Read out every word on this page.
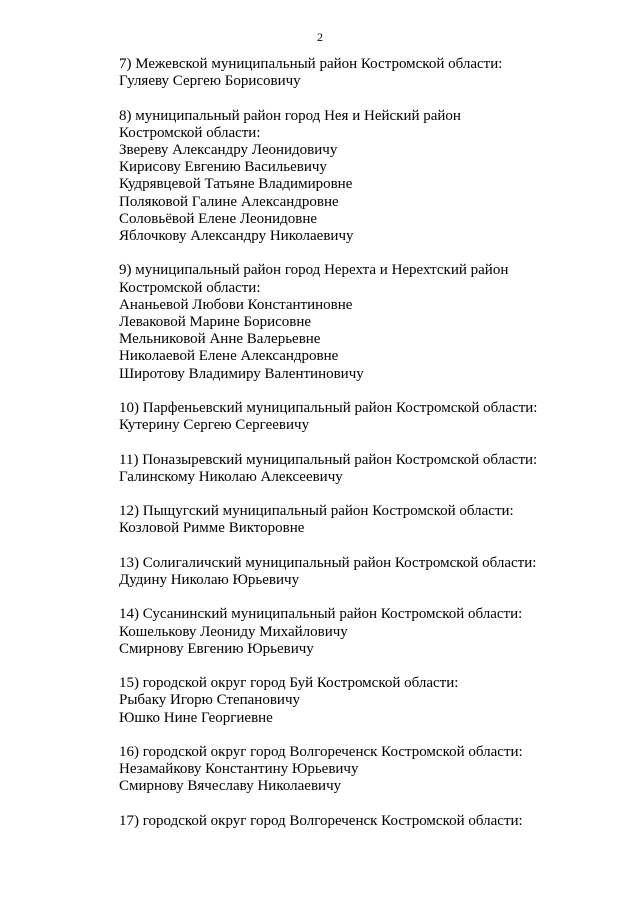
2
7) Межевской муниципальный район Костромской области:
Гуляеву Сергею Борисовичу
8) муниципальный район город Нея и Нейский район
Костромской области:
Звереву Александру Леонидовичу
Кирисову Евгению Васильевичу
Кудрявцевой Татьяне Владимировне
Поляковой Галине Александровне
Соловьёвой Елене Леонидовне
Яблочкову Александру Николаевичу
9) муниципальный район город Нерехта и Нерехтский район
Костромской области:
Ананьевой Любови Константиновне
Леваковой Марине Борисовне
Мельниковой Анне Валерьевне
Николаевой Елене Александровне
Широтову Владимиру Валентиновичу
10) Парфеньевский муниципальный район Костромской области:
Кутерину Сергею Сергеевичу
11) Поназыревский муниципальный район Костромской области:
Галинскому Николаю Алексеевичу
12) Пыщугский муниципальный район Костромской области:
Козловой Римме Викторовне
13) Солигаличский муниципальный район Костромской области:
Дудину Николаю Юрьевичу
14) Сусанинский муниципальный район Костромской области:
Кошелькову Леониду Михайловичу
Смирнову Евгению Юрьевичу
15) городской округ город Буй Костромской области:
Рыбаку Игорю Степановичу
Юшко Нине Георгиевне
16) городской округ город Волгореченск Костромской области:
Незамайкову Константину Юрьевичу
Смирнову Вячеславу Николаевичу
17) городской округ город Волгореченск Костромской области:
